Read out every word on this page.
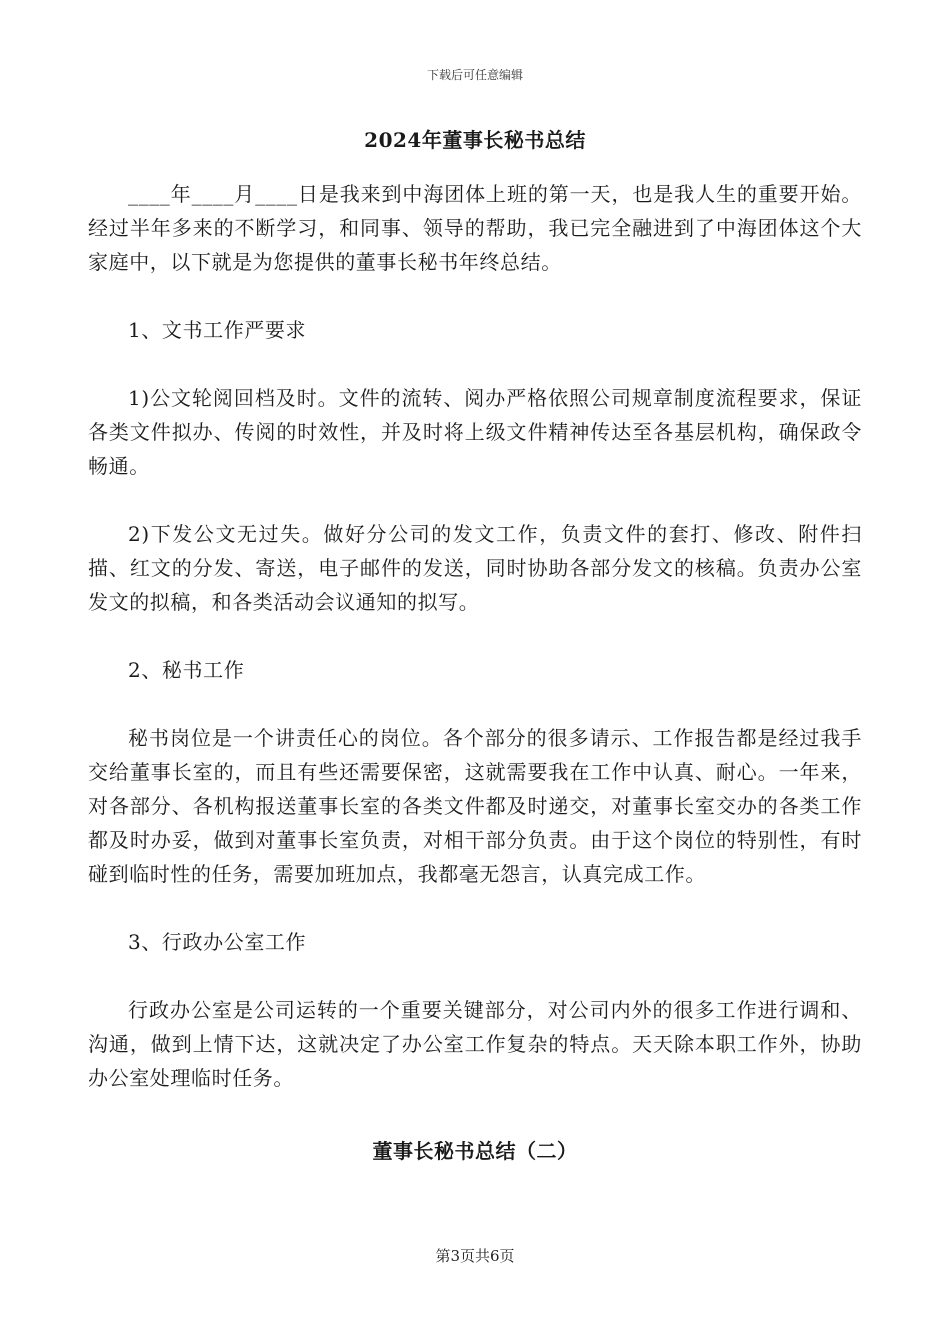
下载后可任意编辑
2024年董事长秘书总结

____年____月____日是我来到中海团体上班的第一天，也是我人生的重要开始。经过半年多来的不断学习，和同事、领导的帮助，我已完全融进到了中海团体这个大家庭中，以下就是为您提供的董事长秘书年终总结。

1、文书工作严要求

1)公文轮阅回档及时。文件的流转、阅办严格依照公司规章制度流程要求，保证各类文件拟办、传阅的时效性，并及时将上级文件精神传达至各基层机构，确保政令畅通。

2)下发公文无过失。做好分公司的发文工作，负责文件的套打、修改、附件扫描、红文的分发、寄送，电子邮件的发送，同时协助各部分发文的核稿。负责办公室发文的拟稿，和各类活动会议通知的拟写。

2、秘书工作

秘书岗位是一个讲责任心的岗位。各个部分的很多请示、工作报告都是经过我手交给董事长室的，而且有些还需要保密，这就需要我在工作中认真、耐心。一年来，对各部分、各机构报送董事长室的各类文件都及时递交，对董事长室交办的各类工作都及时办妥，做到对董事长室负责，对相干部分负责。由于这个岗位的特别性，有时碰到临时性的任务，需要加班加点，我都毫无怨言，认真完成工作。

3、行政办公室工作

行政办公室是公司运转的一个重要关键部分，对公司内外的很多工作进行调和、沟通，做到上情下达，这就决定了办公室工作复杂的特点。天天除本职工作外，协助办公室处理临时任务。

董事长秘书总结（二）
第3页共6页
